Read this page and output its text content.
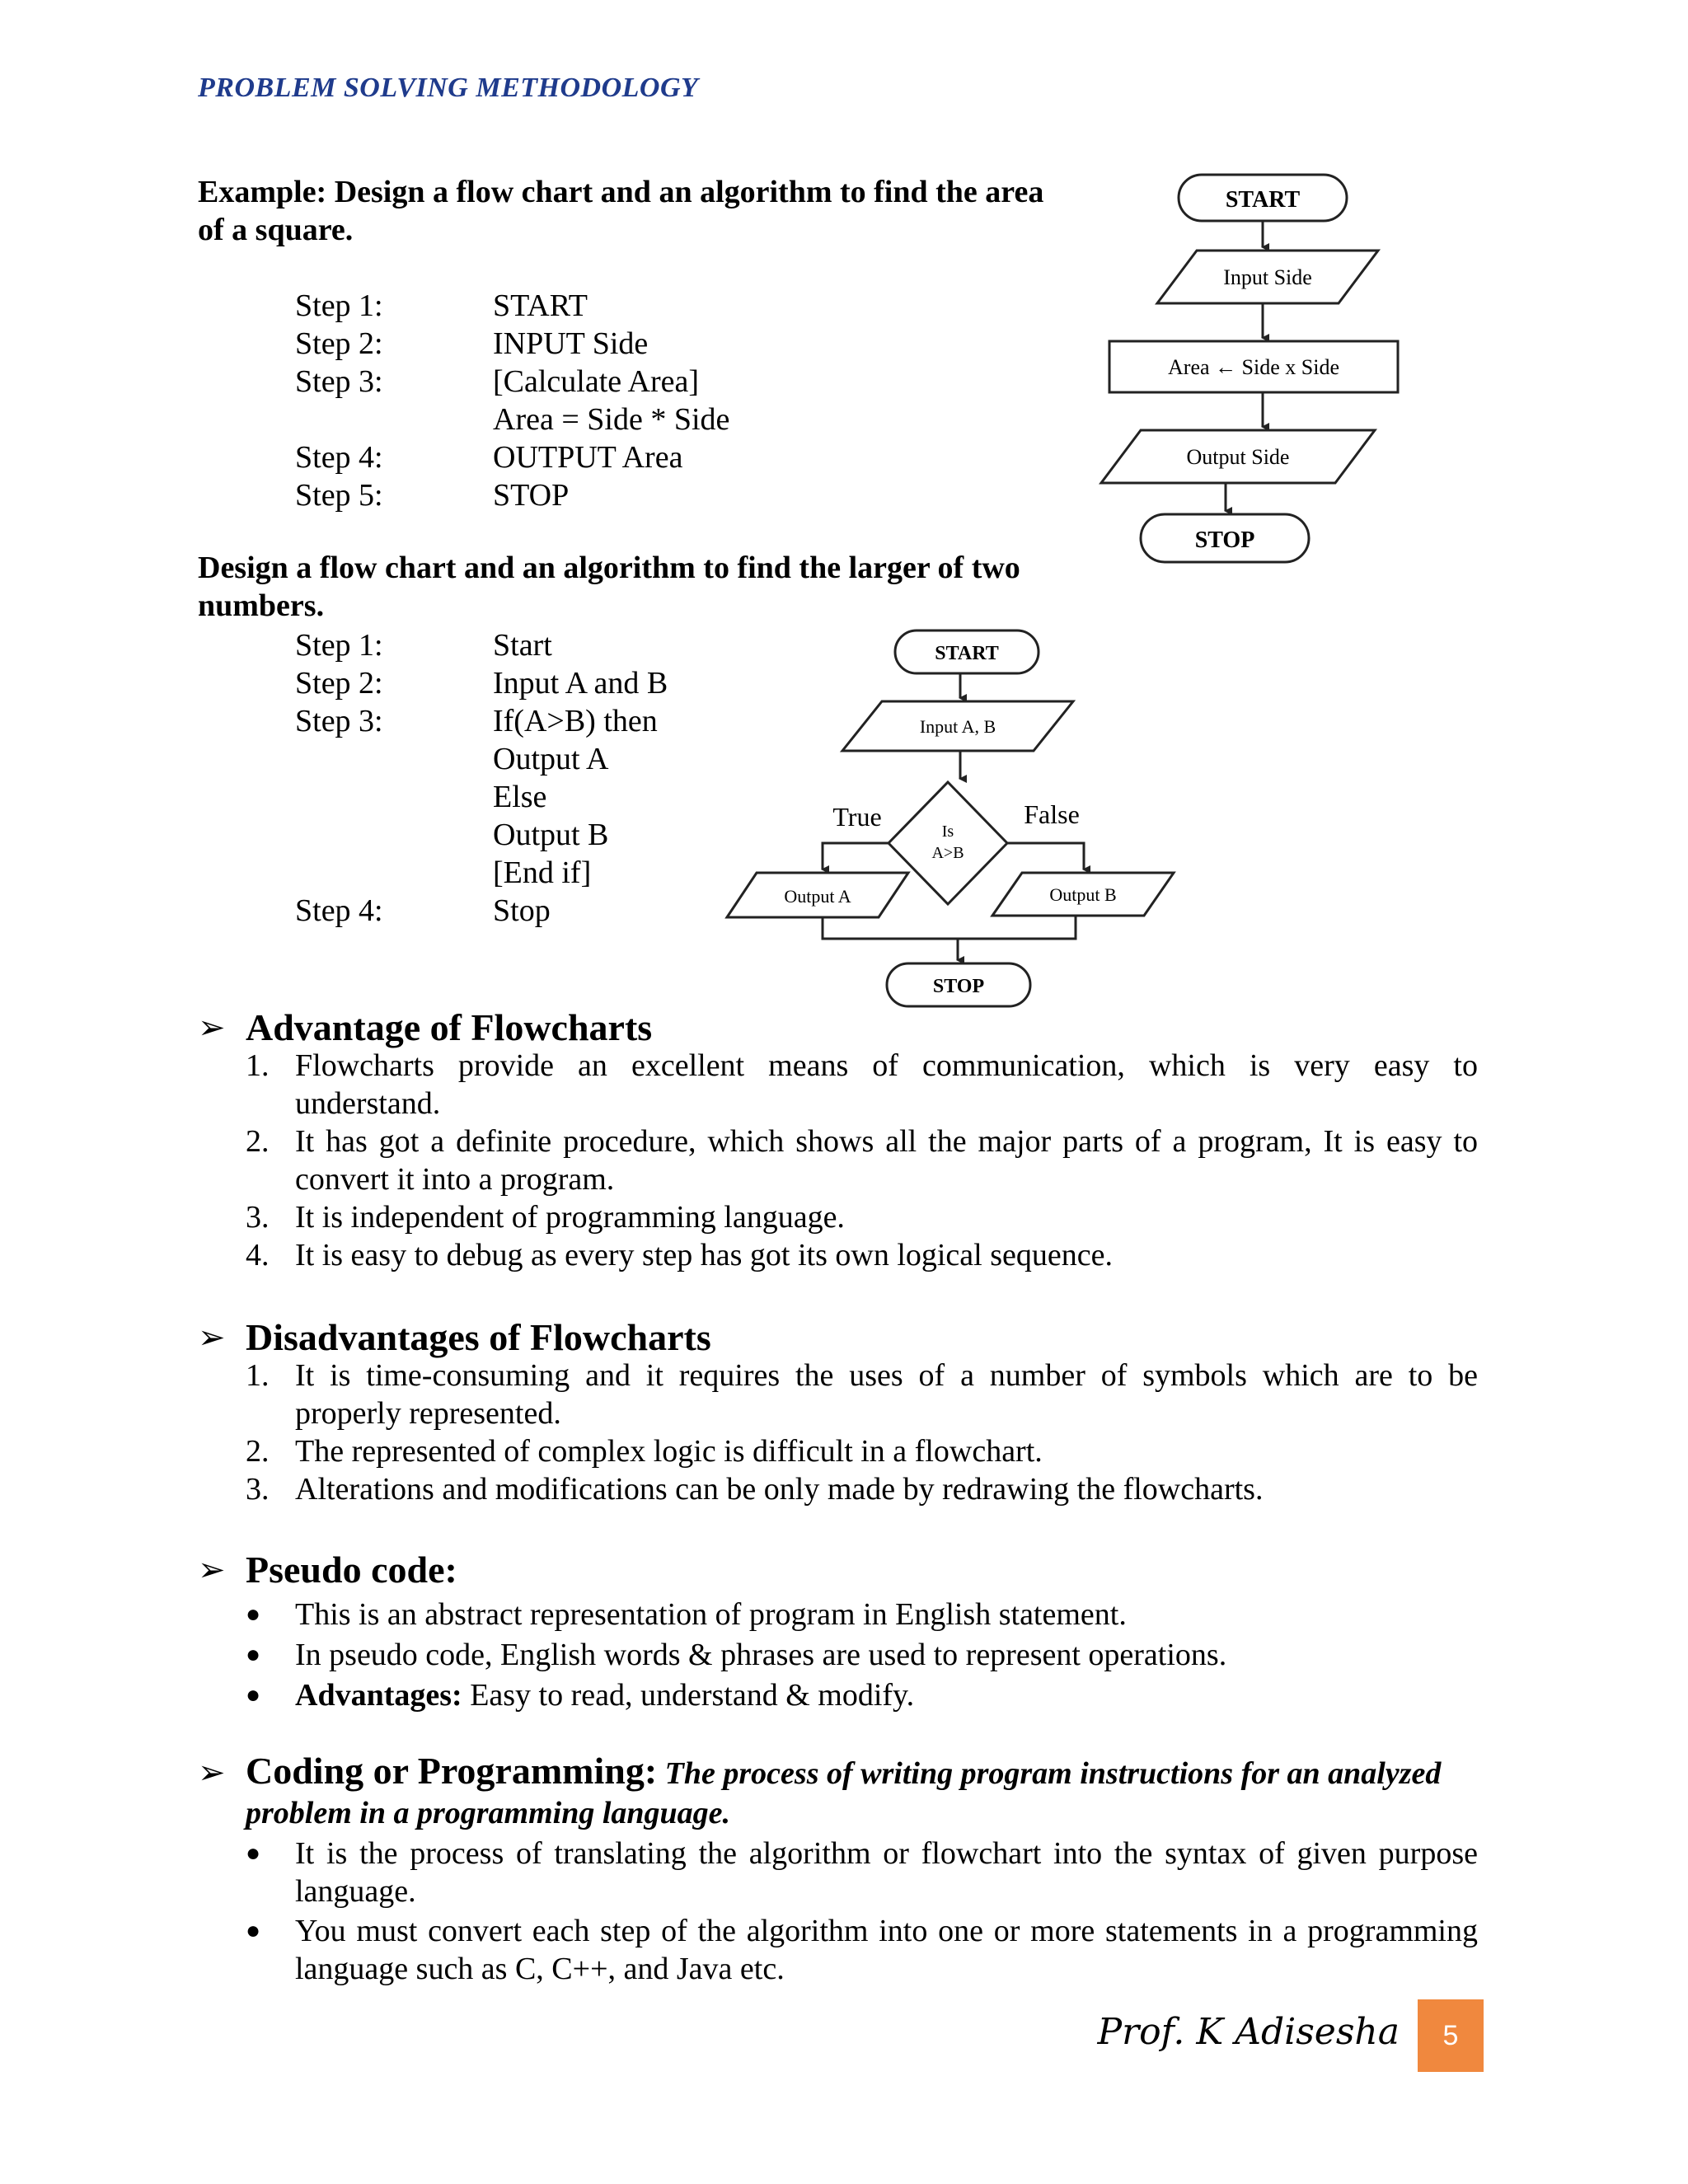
PROBLEM SOLVING METHODOLOGY
Example: Design a flow chart and an algorithm to find the area
of a square.
Step 1:	START
Step 2:	INPUT Side
Step 3:	[Calculate Area]
Area = Side * Side
Step 4:	OUTPUT Area
Step 5:	STOP
START
Input Side
Area ← Side x Side
Output Side
STOP
Design a flow chart and an algorithm to find the larger of two
numbers.
Step 1:	Start
Step 2:	Input A and B
Step 3:	If(A>B) then
Output A
Else
Output B
[End if]
Step 4:	Stop
START
Input A, B
Is
A>B
True	False
Output A	Output B
STOP
➢ Advantage of Flowcharts
1. Flowcharts provide an excellent means of communication, which is very easy to
understand.
2. It has got a definite procedure, which shows all the major parts of a program, It is easy to
convert it into a program.
3. It is independent of programming language.
4. It is easy to debug as every step has got its own logical sequence.
➢ Disadvantages of Flowcharts
1. It is time-consuming and it requires the uses of a number of symbols which are to be
properly represented.
2. The represented of complex logic is difficult in a flowchart.
3. Alterations and modifications can be only made by redrawing the flowcharts.
➢ Pseudo code:
● This is an abstract representation of program in English statement.
● In pseudo code, English words & phrases are used to represent operations.
● Advantages: Easy to read, understand & modify.
➢ Coding or Programming: The process of writing program instructions for an analyzed
problem in a programming language.
● It is the process of translating the algorithm or flowchart into the syntax of given purpose
language.
● You must convert each step of the algorithm into one or more statements in a programming
language such as C, C++, and Java etc.
Prof. K Adisesha	5
